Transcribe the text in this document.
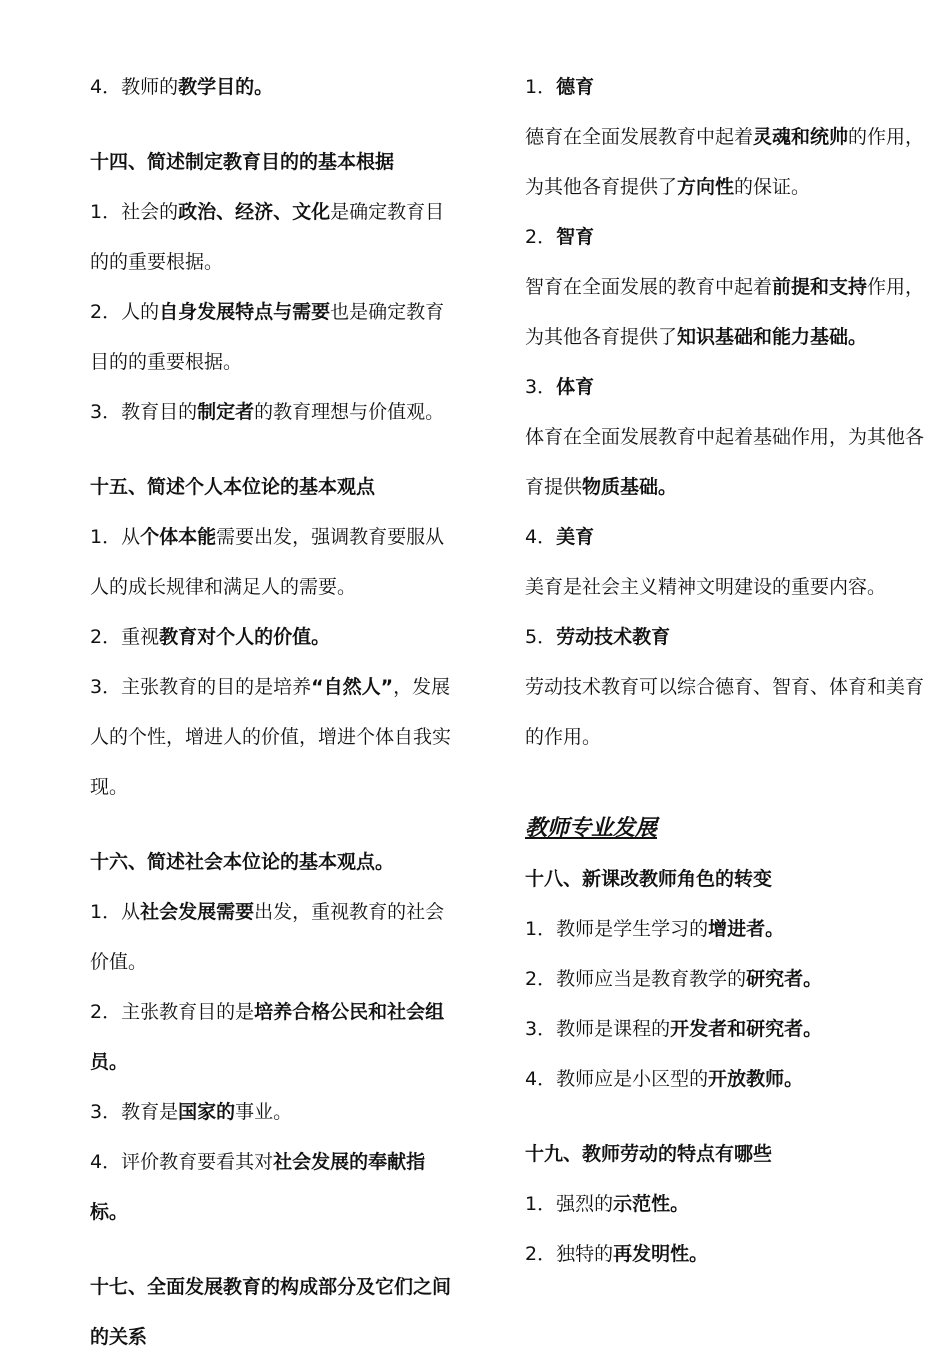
4．教师的教学目的。

十四、简述制定教育目的的基本根据

1．社会的政治、经济、文化是确定教育目的的重要根据。

2．人的自身发展特点与需要也是确定教育目的的重要根据。

3．教育目的制定者的教育理想与价值观。

十五、简述个人本位论的基本观点

1．从个体本能需要出发，强调教育要服从人的成长规律和满足人的需要。

2．重视教育对个人的价值。

3．主张教育的目的是培养“自然人”，发展人的个性，增进人的价值，增进个体自我实现。

十六、简述社会本位论的基本观点。

1．从社会发展需要出发，重视教育的社会价值。

2．主张教育目的是培养合格公民和社会组员。

3．教育是国家的事业。

4．评价教育要看其对社会发展的奉献指标。

十七、全面发展教育的构成部分及它们之间的关系

1．德育

德育在全面发展教育中起着灵魂和统帅的作用，为其他各育提供了方向性的保证。

2．智育

智育在全面发展的教育中起着前提和支持作用，为其他各育提供了知识基础和能力基础。

3．体育

体育在全面发展教育中起着基础作用，为其他各育提供物质基础。

4．美育

美育是社会主义精神文明建设的重要内容。

5．劳动技术教育

劳动技术教育可以综合德育、智育、体育和美育的作用。

教师专业发展

十八、新课改教师角色的转变

1．教师是学生学习的增进者。

2．教师应当是教育教学的研究者。

3．教师是课程的开发者和研究者。

4．教师应是小区型的开放教师。

十九、教师劳动的特点有哪些

1．强烈的示范性。

2．独特的再发明性。
